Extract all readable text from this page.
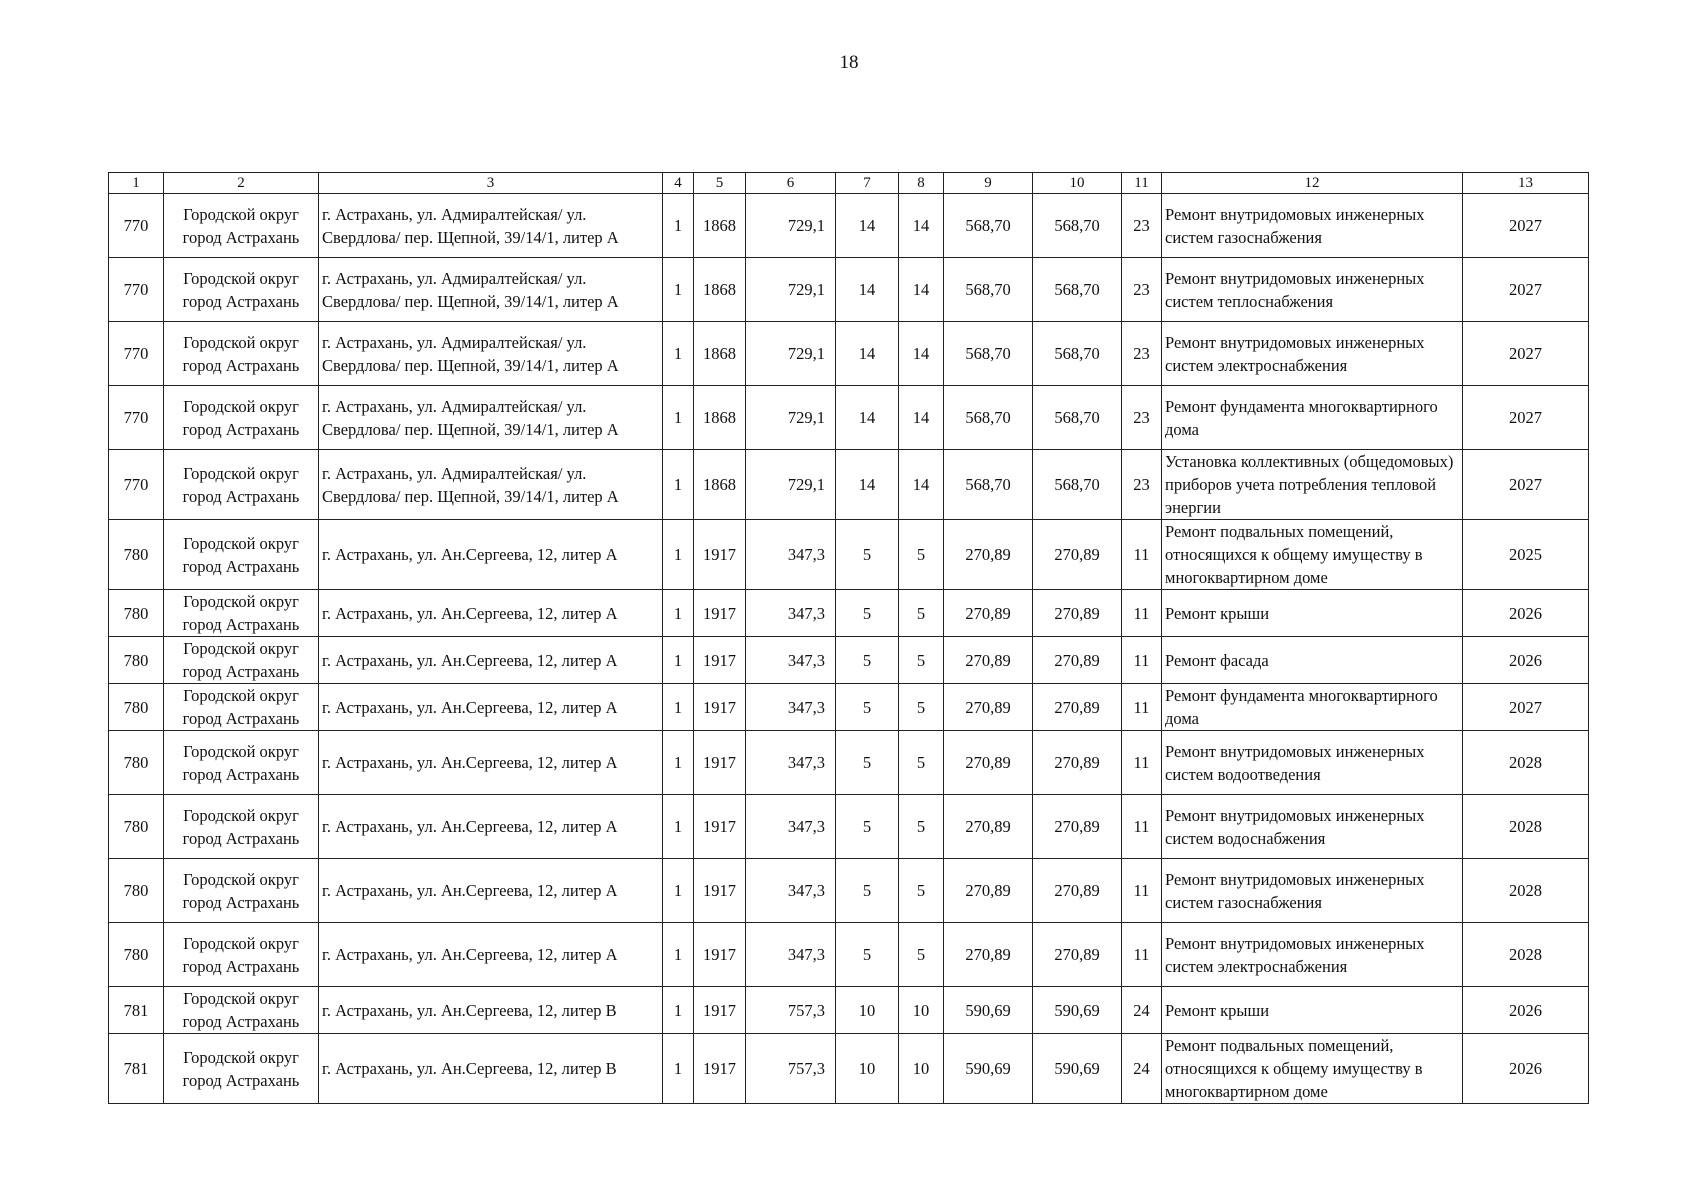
18
1	2	3	4	5	6	7	8	9	10	11	12	13
770	Городской округ город Астрахань	г. Астрахань, ул. Адмиралтейская/ ул. Свердлова/ пер. Щепной, 39/14/1, литер А	1	1868	729,1	14	14	568,70	568,70	23	Ремонт внутридомовых инженерных систем газоснабжения	2027
770	Городской округ город Астрахань	г. Астрахань, ул. Адмиралтейская/ ул. Свердлова/ пер. Щепной, 39/14/1, литер А	1	1868	729,1	14	14	568,70	568,70	23	Ремонт внутридомовых инженерных систем теплоснабжения	2027
770	Городской округ город Астрахань	г. Астрахань, ул. Адмиралтейская/ ул. Свердлова/ пер. Щепной, 39/14/1, литер А	1	1868	729,1	14	14	568,70	568,70	23	Ремонт внутридомовых инженерных систем электроснабжения	2027
770	Городской округ город Астрахань	г. Астрахань, ул. Адмиралтейская/ ул. Свердлова/ пер. Щепной, 39/14/1, литер А	1	1868	729,1	14	14	568,70	568,70	23	Ремонт фундамента многоквартирного дома	2027
770	Городской округ город Астрахань	г. Астрахань, ул. Адмиралтейская/ ул. Свердлова/ пер. Щепной, 39/14/1, литер А	1	1868	729,1	14	14	568,70	568,70	23	Установка коллективных (общедомовых) приборов учета потребления тепловой энергии	2027
780	Городской округ город Астрахань	г. Астрахань, ул. Ан.Сергеева, 12, литер А	1	1917	347,3	5	5	270,89	270,89	11	Ремонт подвальных помещений, относящихся к общему имуществу в многоквартирном доме	2025
780	Городской округ город Астрахань	г. Астрахань, ул. Ан.Сергеева, 12, литер А	1	1917	347,3	5	5	270,89	270,89	11	Ремонт крыши	2026
780	Городской округ город Астрахань	г. Астрахань, ул. Ан.Сергеева, 12, литер А	1	1917	347,3	5	5	270,89	270,89	11	Ремонт фасада	2026
780	Городской округ город Астрахань	г. Астрахань, ул. Ан.Сергеева, 12, литер А	1	1917	347,3	5	5	270,89	270,89	11	Ремонт фундамента многоквартирного дома	2027
780	Городской округ город Астрахань	г. Астрахань, ул. Ан.Сергеева, 12, литер А	1	1917	347,3	5	5	270,89	270,89	11	Ремонт внутридомовых инженерных систем водоотведения	2028
780	Городской округ город Астрахань	г. Астрахань, ул. Ан.Сергеева, 12, литер А	1	1917	347,3	5	5	270,89	270,89	11	Ремонт внутридомовых инженерных систем водоснабжения	2028
780	Городской округ город Астрахань	г. Астрахань, ул. Ан.Сергеева, 12, литер А	1	1917	347,3	5	5	270,89	270,89	11	Ремонт внутридомовых инженерных систем газоснабжения	2028
780	Городской округ город Астрахань	г. Астрахань, ул. Ан.Сергеева, 12, литер А	1	1917	347,3	5	5	270,89	270,89	11	Ремонт внутридомовых инженерных систем электроснабжения	2028
781	Городской округ город Астрахань	г. Астрахань, ул. Ан.Сергеева, 12, литер В	1	1917	757,3	10	10	590,69	590,69	24	Ремонт крыши	2026
781	Городской округ город Астрахань	г. Астрахань, ул. Ан.Сергеева, 12, литер В	1	1917	757,3	10	10	590,69	590,69	24	Ремонт подвальных помещений, относящихся к общему имуществу в многоквартирном доме	2026
